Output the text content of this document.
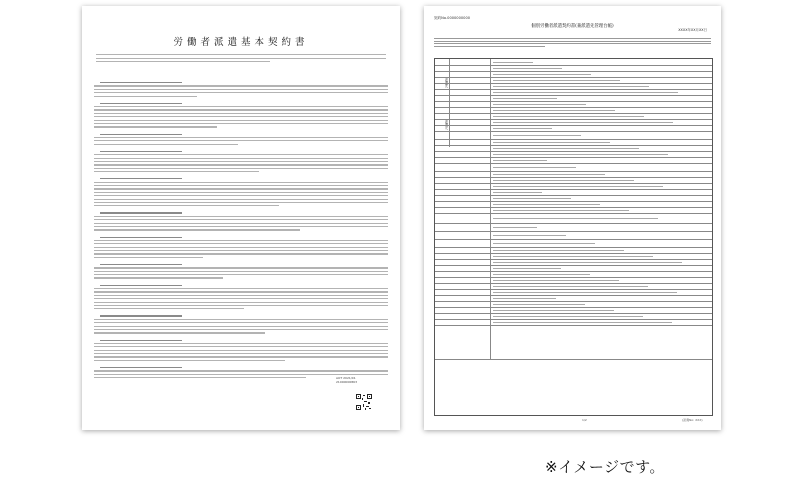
労働者派遣基本契約書
AOT 2021/01
21000000863
契約No.0000000000
個別労働者派遣契約書(兼派遣先管理台帳)
XXXX年XX月XX日
派遣先
派遣元
1/2	(派遣No: XXX)
※イメージです。
